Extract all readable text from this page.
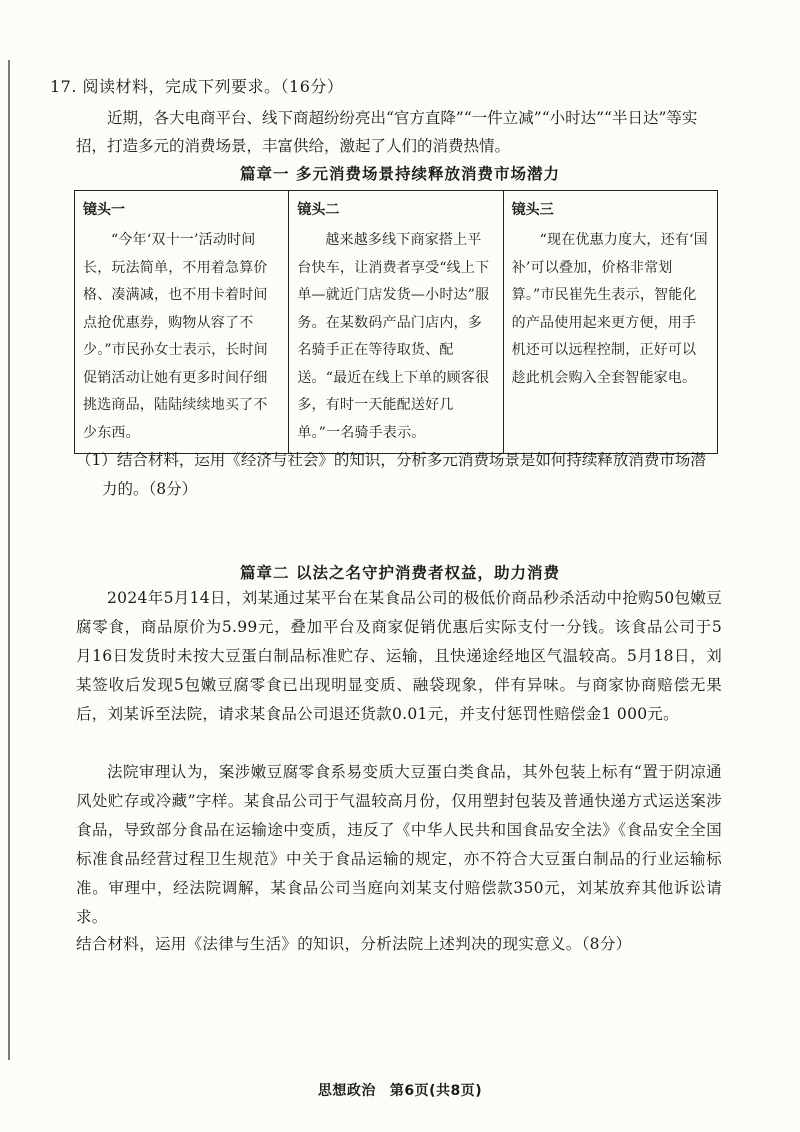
17. 阅读材料，完成下列要求。（16分）
近期，各大电商平台、线下商超纷纷亮出“官方直降”“一件立减”“小时达”“半日达”等实招，打造多元的消费场景，丰富供给，激起了人们的消费热情。
篇章一 多元消费场景持续释放消费市场潜力
镜头一
“今年‘双十一’活动时间长，玩法简单，不用着急算价格、凑满减，也不用卡着时间点抢优惠券，购物从容了不少。”市民孙女士表示，长时间促销活动让她有更多时间仔细挑选商品，陆陆续续地买了不少东西。

镜头二
越来越多线下商家搭上平台快车，让消费者享受“线上下单—就近门店发货—小时达”服务。在某数码产品门店内，多名骑手正在等待取货、配送。“最近在线上下单的顾客很多，有时一天能配送好几单。”一名骑手表示。

镜头三
“现在优惠力度大，还有‘国补’可以叠加，价格非常划算。”市民崔先生表示，智能化的产品使用起来更方便，用手机还可以远程控制，正好可以趁此机会购入全套智能家电。
（1）结合材料，运用《经济与社会》的知识，分析多元消费场景是如何持续释放消费市场潜
力的。（8分）
篇章二 以法之名守护消费者权益，助力消费
2024年5月14日，刘某通过某平台在某食品公司的极低价商品秒杀活动中抢购50包嫩豆腐零食，商品原价为5.99元，叠加平台及商家促销优惠后实际支付一分钱。该食品公司于5月16日发货时未按大豆蛋白制品标准贮存、运输，且快递途经地区气温较高。5月18日，刘某签收后发现5包嫩豆腐零食已出现明显变质、融袋现象，伴有异味。与商家协商赔偿无果后，刘某诉至法院，请求某食品公司退还货款0.01元，并支付惩罚性赔偿金1 000元。
法院审理认为，案涉嫩豆腐零食系易变质大豆蛋白类食品，其外包装上标有“置于阴凉通风处贮存或冷藏”字样。某食品公司于气温较高月份，仅用塑封包装及普通快递方式运送案涉食品，导致部分食品在运输途中变质，违反了《中华人民共和国食品安全法》《食品安全全国标准食品经营过程卫生规范》中关于食品运输的规定，亦不符合大豆蛋白制品的行业运输标准。审理中，经法院调解，某食品公司当庭向刘某支付赔偿款350元，刘某放弃其他诉讼请求。
结合材料，运用《法律与生活》的知识，分析法院上述判决的现实意义。（8分）
思想政治 第6页(共8页)
